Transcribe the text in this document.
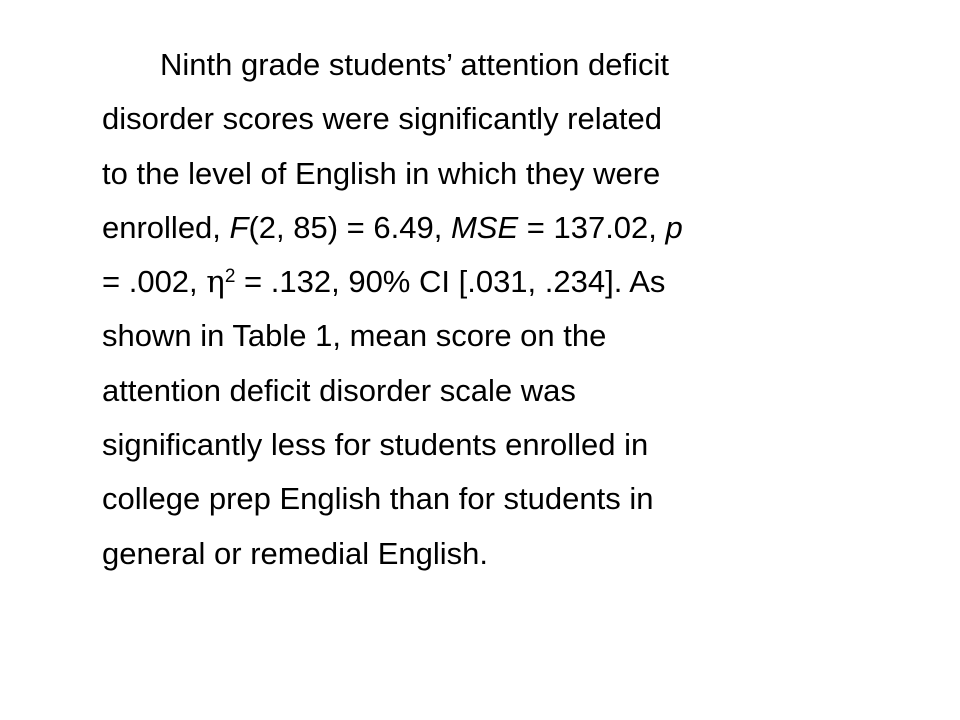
Ninth grade students’ attention deficit
disorder scores were significantly related
to the level of English in which they were
enrolled, F(2, 85) = 6.49, MSE = 137.02, p
= .002, $\eta^2 = .132$, 90% CI [.031, .234]. As
shown in Table 1, mean score on the
attention deficit disorder scale was
significantly less for students enrolled in
college prep English than for students in
general or remedial English.
